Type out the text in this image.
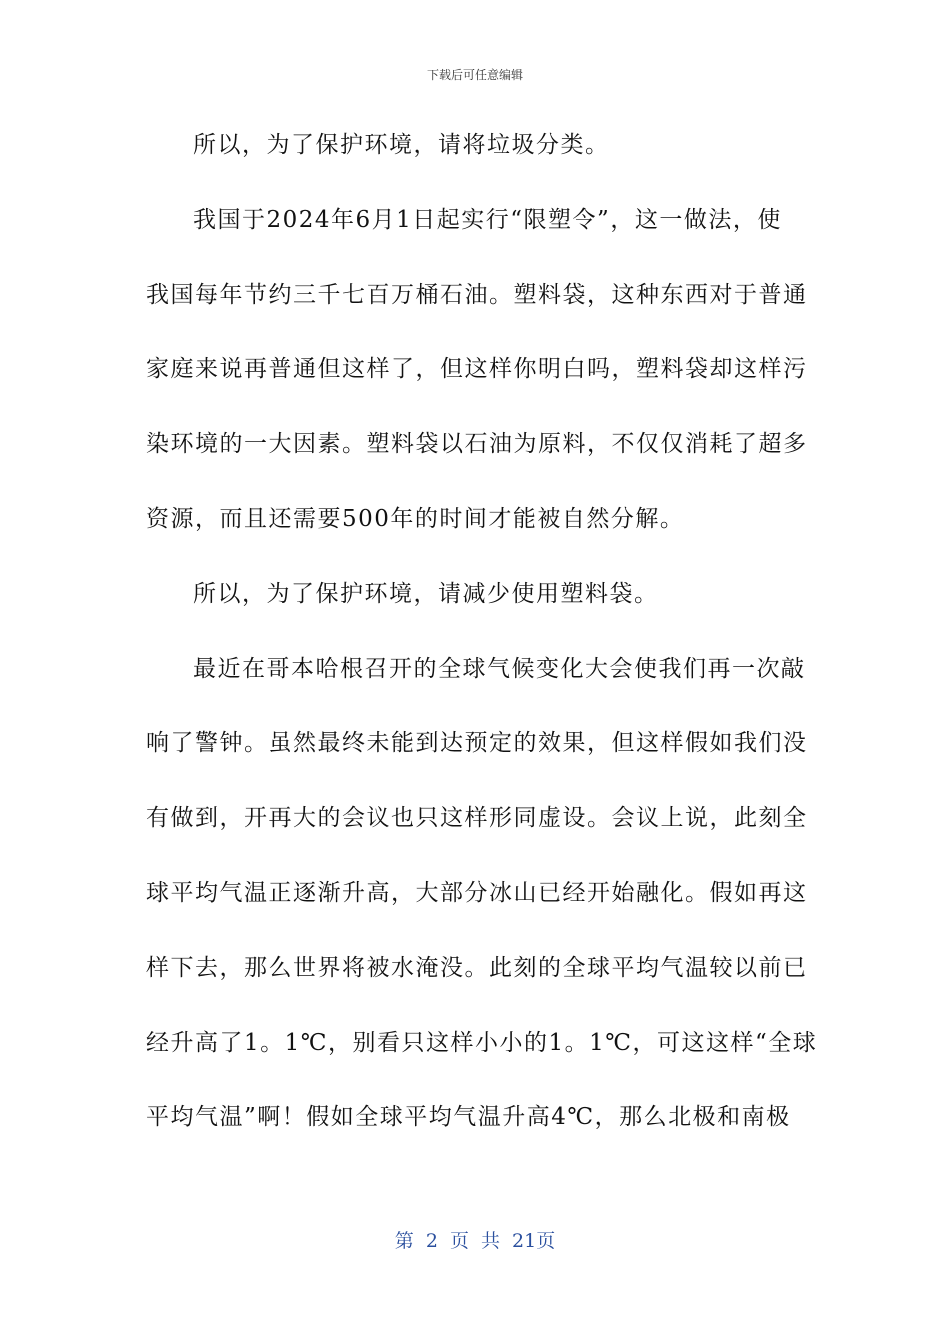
下载后可任意编辑
所以，为了保护环境，请将垃圾分类。
我国于2024年6月1日起实行“限塑令”，这一做法，使
我国每年节约三千七百万桶石油。塑料袋，这种东西对于普通
家庭来说再普通但这样了，但这样你明白吗，塑料袋却这样污
染环境的一大因素。塑料袋以石油为原料，不仅仅消耗了超多
资源，而且还需要500年的时间才能被自然分解。
所以，为了保护环境，请减少使用塑料袋。
最近在哥本哈根召开的全球气候变化大会使我们再一次敲
响了警钟。虽然最终未能到达预定的效果，但这样假如我们没
有做到，开再大的会议也只这样形同虚设。会议上说，此刻全
球平均气温正逐渐升高，大部分冰山已经开始融化。假如再这
样下去，那么世界将被水淹没。此刻的全球平均气温较以前已
经升高了1。1℃，别看只这样小小的1。1℃，可这这样“全球
平均气温”啊！假如全球平均气温升高4℃，那么北极和南极
第 2 页 共 21页
